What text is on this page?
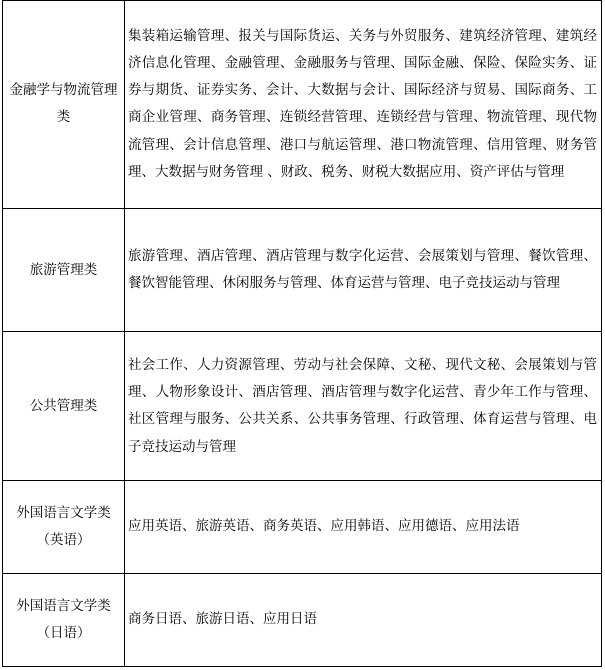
金融学与物流管理类	集装箱运输管理、报关与国际货运、关务与外贸服务、建筑经济管理、建筑经济信息化管理、金融管理、金融服务与管理、国际金融、保险、保险实务、证券与期货、证券实务、会计、大数据与会计、国际经济与贸易、国际商务、工商企业管理、商务管理、连锁经营管理、连锁经营与管理、物流管理、现代物流管理、会计信息管理、港口与航运管理、港口物流管理、信用管理、财务管理、大数据与财务管理 、财政、税务、财税大数据应用、资产评估与管理
旅游管理类	旅游管理、酒店管理、酒店管理与数字化运营、会展策划与管理、餐饮管理、餐饮智能管理、休闲服务与管理、体育运营与管理、电子竞技运动与管理
公共管理类	社会工作、人力资源管理、劳动与社会保障、文秘、现代文秘、会展策划与管理、人物形象设计、酒店管理、酒店管理与数字化运营、青少年工作与管理、社区管理与服务、公共关系、公共事务管理、行政管理、体育运营与管理、电子竞技运动与管理
外国语言文学类（英语）	应用英语、旅游英语、商务英语、应用韩语、应用德语、应用法语
外国语言文学类（日语）	商务日语、旅游日语、应用日语
